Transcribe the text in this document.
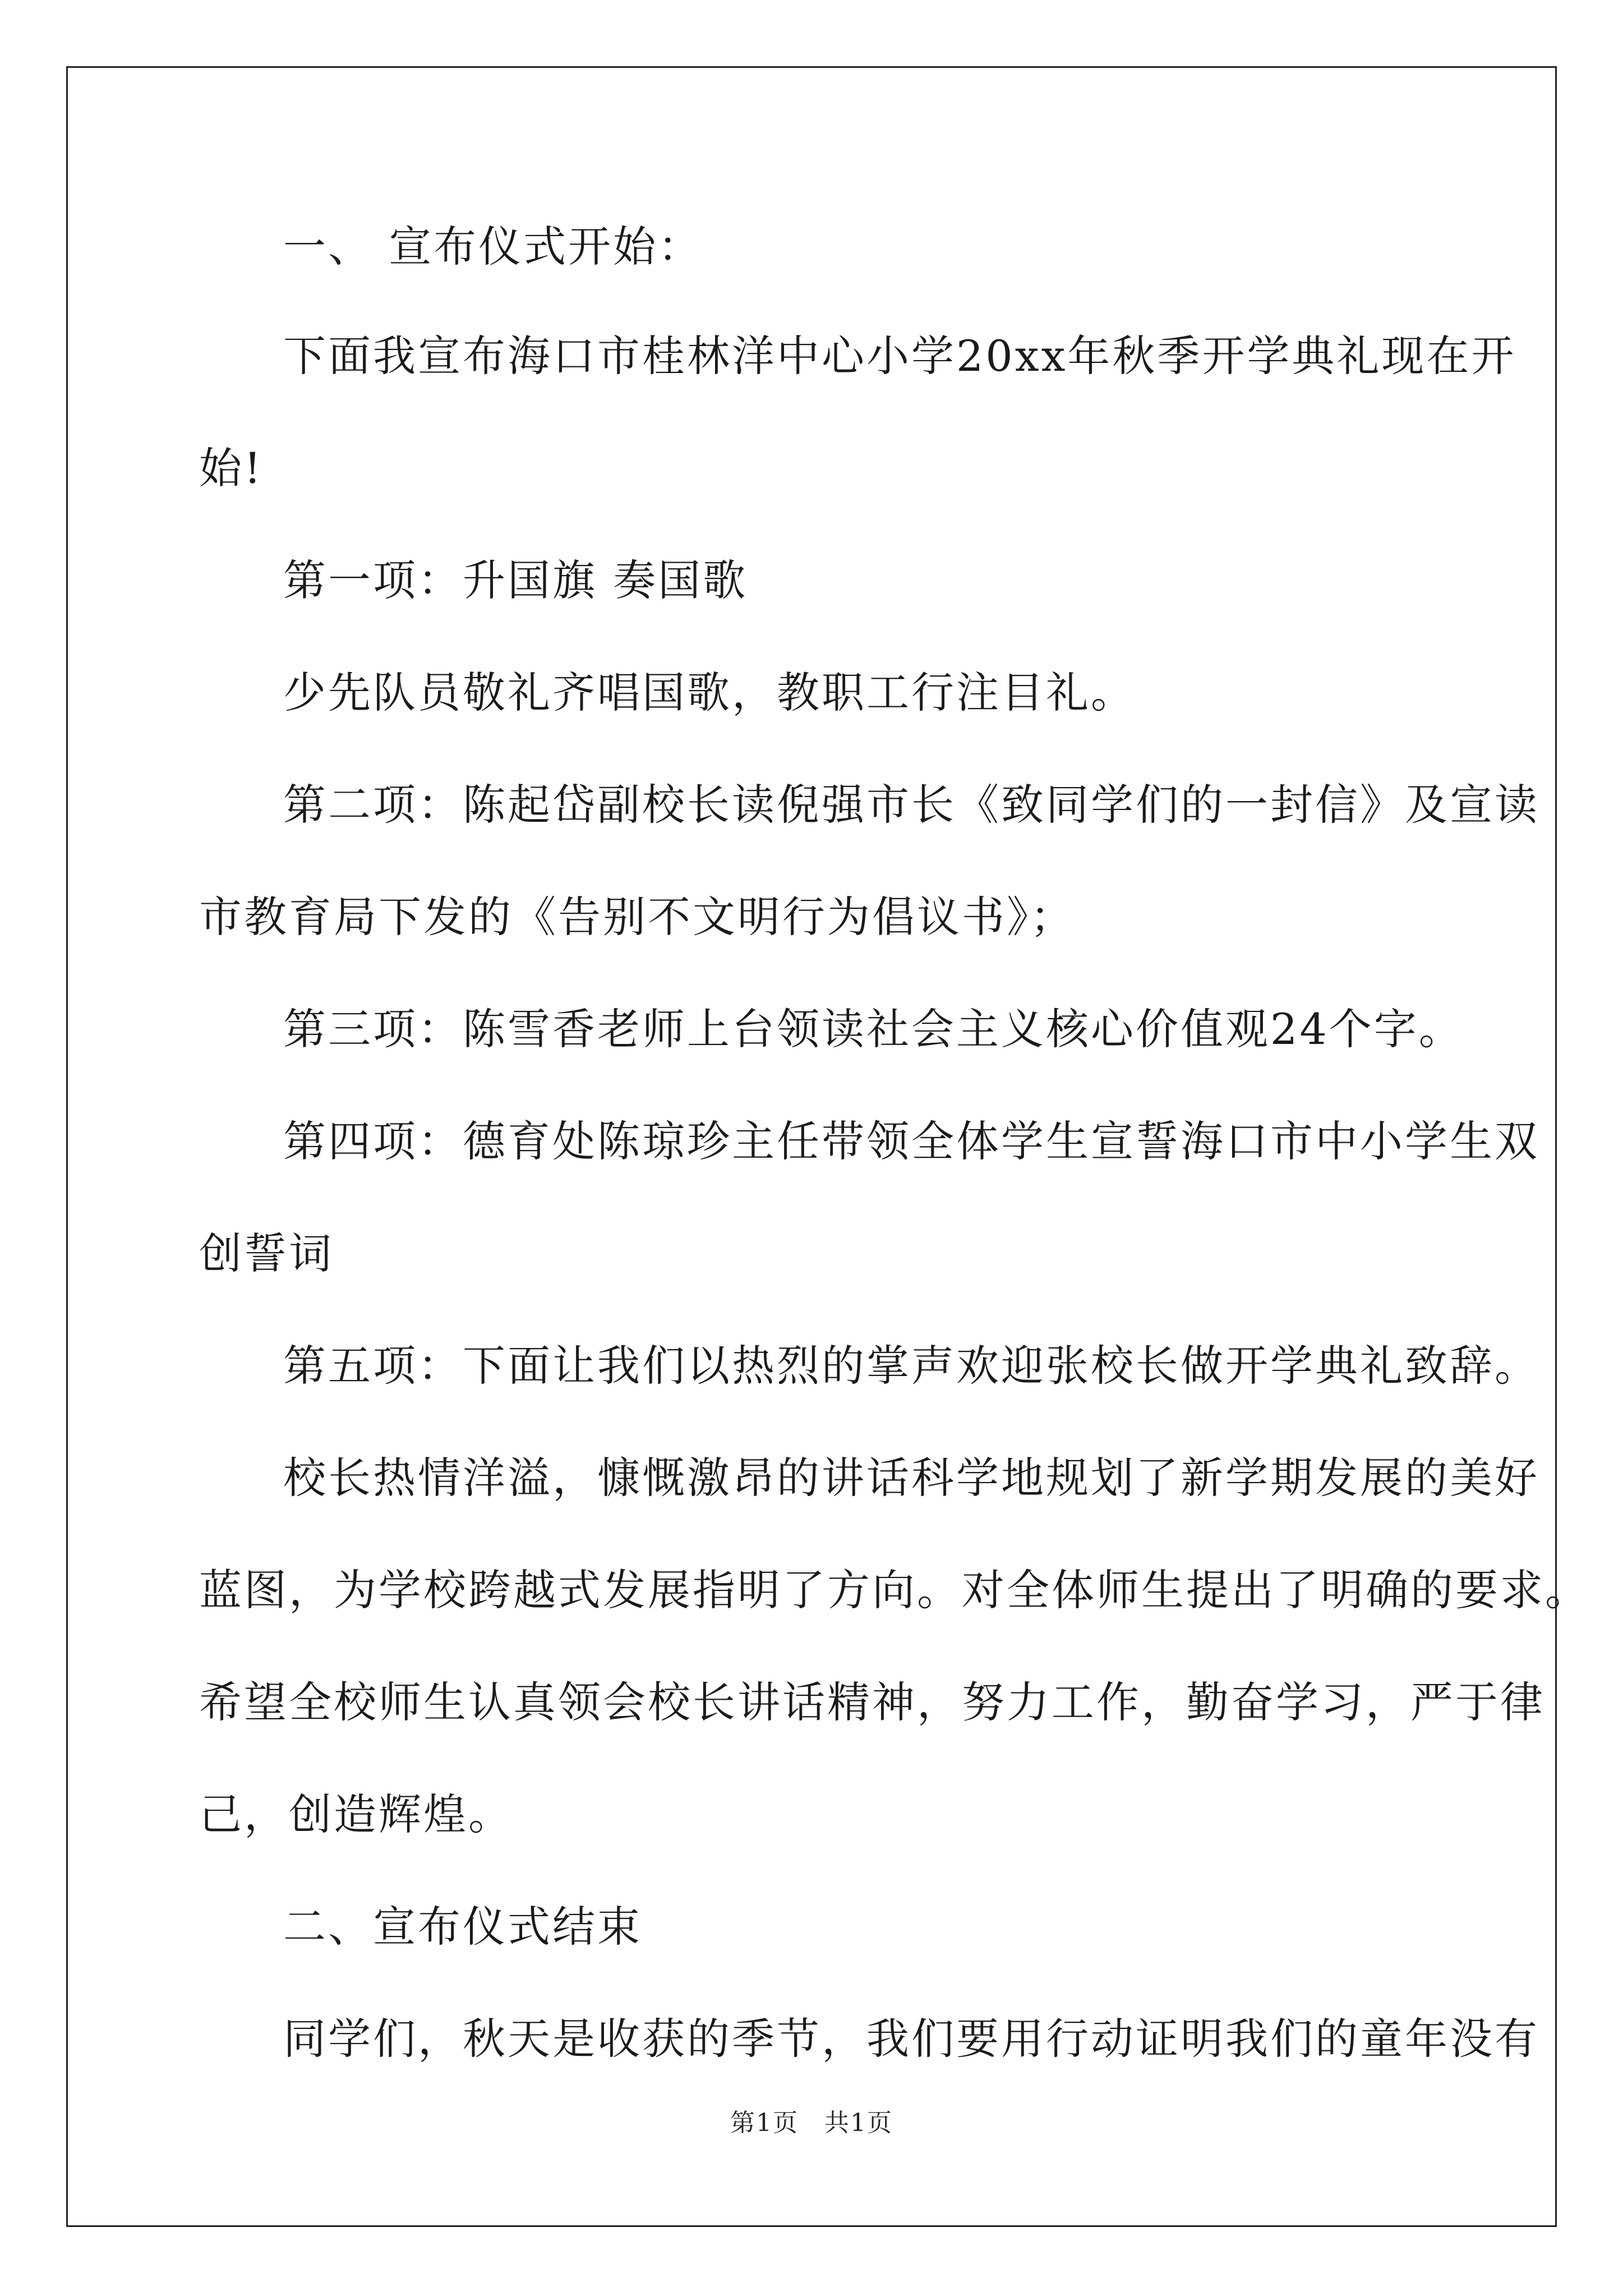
一、 宣布仪式开始：
下面我宣布海口市桂林洋中心小学20xx年秋季开学典礼现在开
始!
第一项：升国旗 奏国歌
少先队员敬礼齐唱国歌，教职工行注目礼。
第二项：陈起岱副校长读倪强市长《致同学们的一封信》及宣读
市教育局下发的《告别不文明行为倡议书》；
第三项：陈雪香老师上台领读社会主义核心价值观24个字。
第四项：德育处陈琼珍主任带领全体学生宣誓海口市中小学生双
创誓词
第五项：下面让我们以热烈的掌声欢迎张校长做开学典礼致辞。
校长热情洋溢，慷慨激昂的讲话科学地规划了新学期发展的美好
蓝图，为学校跨越式发展指明了方向。对全体师生提出了明确的要求。
希望全校师生认真领会校长讲话精神，努力工作，勤奋学习，严于律
己，创造辉煌。
二、宣布仪式结束
同学们，秋天是收获的季节，我们要用行动证明我们的童年没有
第1页　共1页
